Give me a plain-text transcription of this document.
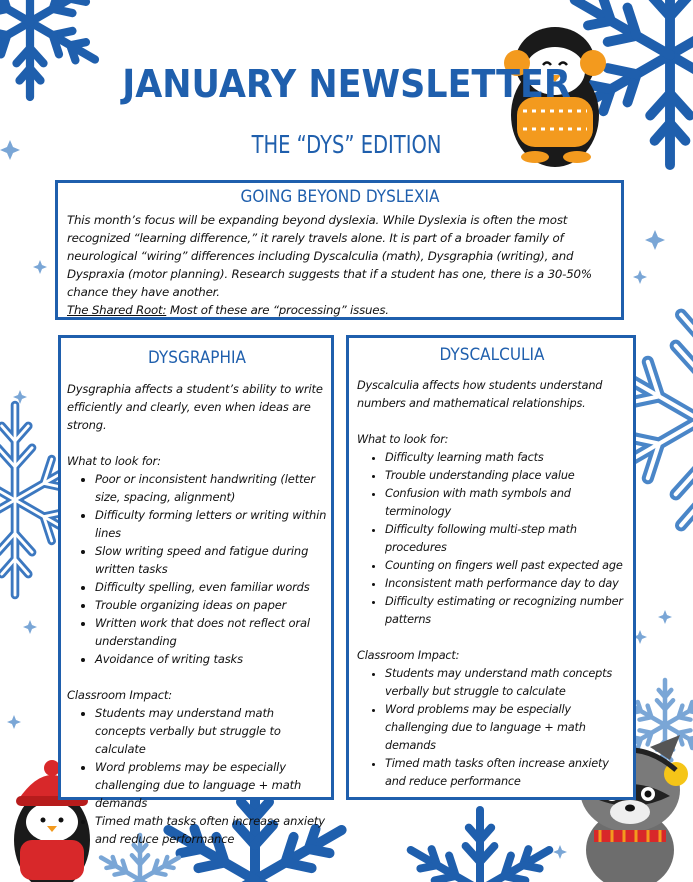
JANUARY NEWSLETTER
THE “DYS” EDITION
GOING BEYOND DYSLEXIA
This month’s focus will be expanding beyond dyslexia. While Dyslexia is often the most recognized “learning difference,” it rarely travels alone. It is part of a broader family of neurological “wiring” differences including Dyscalculia (math), Dysgraphia (writing), and Dyspraxia (motor planning). Research suggests that if a student has one, there is a 30-50% chance they have another.
The Shared Root: Most of these are “processing” issues.
DYSGRAPHIA

Dysgraphia affects a student’s ability to write efficiently and clearly, even when ideas are strong.

What to look for:

• Poor or inconsistent handwriting (letter size, spacing, alignment)
• Difficulty forming letters or writing within lines
• Slow writing speed and fatigue during written tasks
• Difficulty spelling, even familiar words
• Trouble organizing ideas on paper
• Written work that does not reflect oral understanding
• Avoidance of writing tasks

Classroom Impact:

• Students may understand math concepts verbally but struggle to calculate
• Word problems may be especially challenging due to language + math demands
• Timed math tasks often increase anxiety and reduce performance
DYSCALCULIA

Dyscalculia affects how students understand numbers and mathematical relationships.

What to look for:

• Difficulty learning math facts
• Trouble understanding place value
• Confusion with math symbols and terminology
• Difficulty following multi-step math procedures
• Counting on fingers well past expected age
• Inconsistent math performance day to day
• Difficulty estimating or recognizing number patterns

Classroom Impact:

• Students may understand math concepts verbally but struggle to calculate
• Word problems may be especially challenging due to language + math demands
• Timed math tasks often increase anxiety and reduce performance
